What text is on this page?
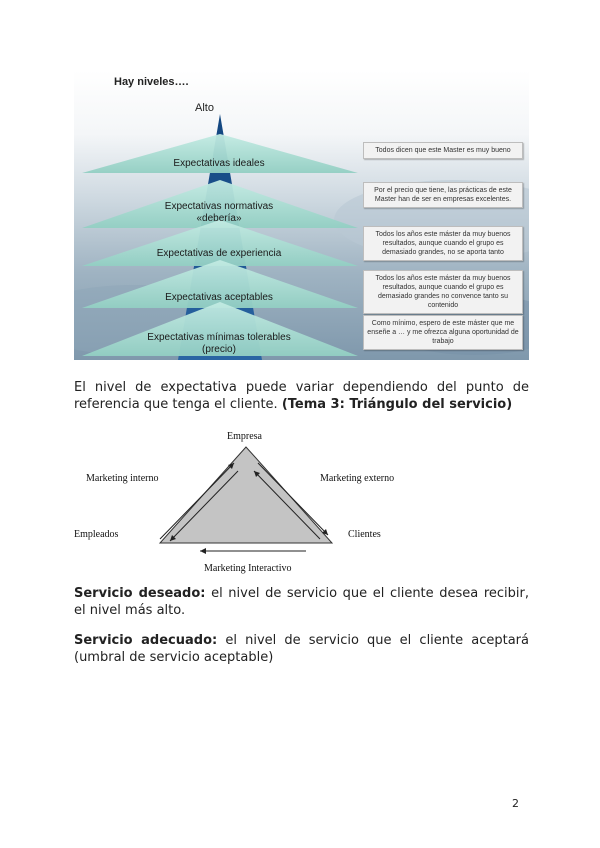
Hay niveles….
Alto
Expectativas ideales
Expectativas normativas «debería»
Expectativas de experiencia
Expectativas aceptables
Expectativas mínimas tolerables (precio)
Todos dicen que este Master es muy bueno
Por el precio que tiene, las prácticas de este Master han de ser en empresas excelentes.
Todos los años este máster da muy buenos resultados, aunque cuando el grupo es demasiado grandes, no se aporta tanto
Todos los años este máster da muy buenos resultados, aunque cuando el grupo es demasiado grandes no convence tanto su contenido
Como mínimo, espero de este máster que me enseñe a … y me ofrezca alguna oportunidad de trabajo
El nivel de expectativa puede variar dependiendo del punto de referencia que tenga el cliente. (Tema 3: Triángulo del servicio)
Empresa
Empleados	Clientes
Marketing interno	Marketing externo
Marketing Interactivo
Servicio deseado: el nivel de servicio que el cliente desea recibir, el nivel más alto.
Servicio adecuado: el nivel de servicio que el cliente aceptará (umbral de servicio aceptable)
2
